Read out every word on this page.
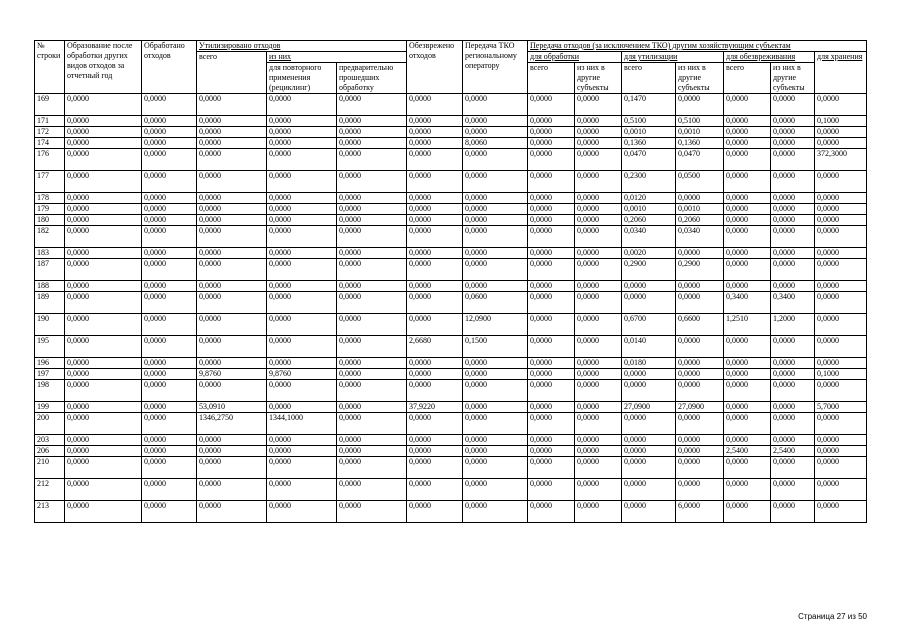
№ строки	Образование после обработки других видов отходов за отчетный год	Обработано отходов	Утилизировано отходов			Обезврежено отходов	Передача ТКО региональному оператору	Передача отходов (за исключением ТКО) другим хозяйствующим субъектам						
			всего	из них				для обработки		для утилизации		для обезвреживания		для хранения
				для повторного применения (рециклинг)	предварительно прошедших обработку			всего	из них в другие субъекты	всего	из них в другие субъекты	всего	из них в другие субъекты	
169	0,0000	0,0000	0,0000	0,0000	0,0000	0,0000	0,0000	0,0000	0,0000	0,1470	0,0000	0,0000	0,0000	0,0000
171	0,0000	0,0000	0,0000	0,0000	0,0000	0,0000	0,0000	0,0000	0,0000	0,5100	0,5100	0,0000	0,0000	0,1000
172	0,0000	0,0000	0,0000	0,0000	0,0000	0,0000	0,0000	0,0000	0,0000	0,0010	0,0010	0,0000	0,0000	0,0000
174	0,0000	0,0000	0,0000	0,0000	0,0000	0,0000	8,0060	0,0000	0,0000	0,1360	0,1360	0,0000	0,0000	0,0000
176	0,0000	0,0000	0,0000	0,0000	0,0000	0,0000	0,0000	0,0000	0,0000	0,0470	0,0470	0,0000	0,0000	372,3000
177	0,0000	0,0000	0,0000	0,0000	0,0000	0,0000	0,0000	0,0000	0,0000	0,2300	0,0500	0,0000	0,0000	0,0000
178	0,0000	0,0000	0,0000	0,0000	0,0000	0,0000	0,0000	0,0000	0,0000	0,0120	0,0000	0,0000	0,0000	0,0000
179	0,0000	0,0000	0,0000	0,0000	0,0000	0,0000	0,0000	0,0000	0,0000	0,0010	0,0010	0,0000	0,0000	0,0000
180	0,0000	0,0000	0,0000	0,0000	0,0000	0,0000	0,0000	0,0000	0,0000	0,2060	0,2060	0,0000	0,0000	0,0000
182	0,0000	0,0000	0,0000	0,0000	0,0000	0,0000	0,0000	0,0000	0,0000	0,0340	0,0340	0,0000	0,0000	0,0000
183	0,0000	0,0000	0,0000	0,0000	0,0000	0,0000	0,0000	0,0000	0,0000	0,0020	0,0000	0,0000	0,0000	0,0000
187	0,0000	0,0000	0,0000	0,0000	0,0000	0,0000	0,0000	0,0000	0,0000	0,2900	0,2900	0,0000	0,0000	0,0000
188	0,0000	0,0000	0,0000	0,0000	0,0000	0,0000	0,0000	0,0000	0,0000	0,0000	0,0000	0,0000	0,0000	0,0000
189	0,0000	0,0000	0,0000	0,0000	0,0000	0,0000	0,0600	0,0000	0,0000	0,0000	0,0000	0,3400	0,3400	0,0000
190	0,0000	0,0000	0,0000	0,0000	0,0000	0,0000	12,0900	0,0000	0,0000	0,6700	0,6600	1,2510	1,2000	0,0000
195	0,0000	0,0000	0,0000	0,0000	0,0000	2,6680	0,1500	0,0000	0,0000	0,0140	0,0000	0,0000	0,0000	0,0000
196	0,0000	0,0000	0,0000	0,0000	0,0000	0,0000	0,0000	0,0000	0,0000	0,0180	0,0000	0,0000	0,0000	0,0000
197	0,0000	0,0000	9,8760	9,8760	0,0000	0,0000	0,0000	0,0000	0,0000	0,0000	0,0000	0,0000	0,0000	0,1000
198	0,0000	0,0000	0,0000	0,0000	0,0000	0,0000	0,0000	0,0000	0,0000	0,0000	0,0000	0,0000	0,0000	0,0000
199	0,0000	0,0000	53,0910	0,0000	0,0000	37,9220	0,0000	0,0000	0,0000	27,0900	27,0900	0,0000	0,0000	5,7000
200	0,0000	0,0000	1346,2750	1344,1000	0,0000	0,0000	0,0000	0,0000	0,0000	0,0000	0,0000	0,0000	0,0000	0,0000
203	0,0000	0,0000	0,0000	0,0000	0,0000	0,0000	0,0000	0,0000	0,0000	0,0000	0,0000	0,0000	0,0000	0,0000
206	0,0000	0,0000	0,0000	0,0000	0,0000	0,0000	0,0000	0,0000	0,0000	0,0000	0,0000	2,5400	2,5400	0,0000
210	0,0000	0,0000	0,0000	0,0000	0,0000	0,0000	0,0000	0,0000	0,0000	0,0000	0,0000	0,0000	0,0000	0,0000
212	0,0000	0,0000	0,0000	0,0000	0,0000	0,0000	0,0000	0,0000	0,0000	0,0000	0,0000	0,0000	0,0000	0,0000
213	0,0000	0,0000	0,0000	0,0000	0,0000	0,0000	0,0000	0,0000	0,0000	0,0000	6,0000	0,0000	0,0000	0,0000
Страница 27 из 50
